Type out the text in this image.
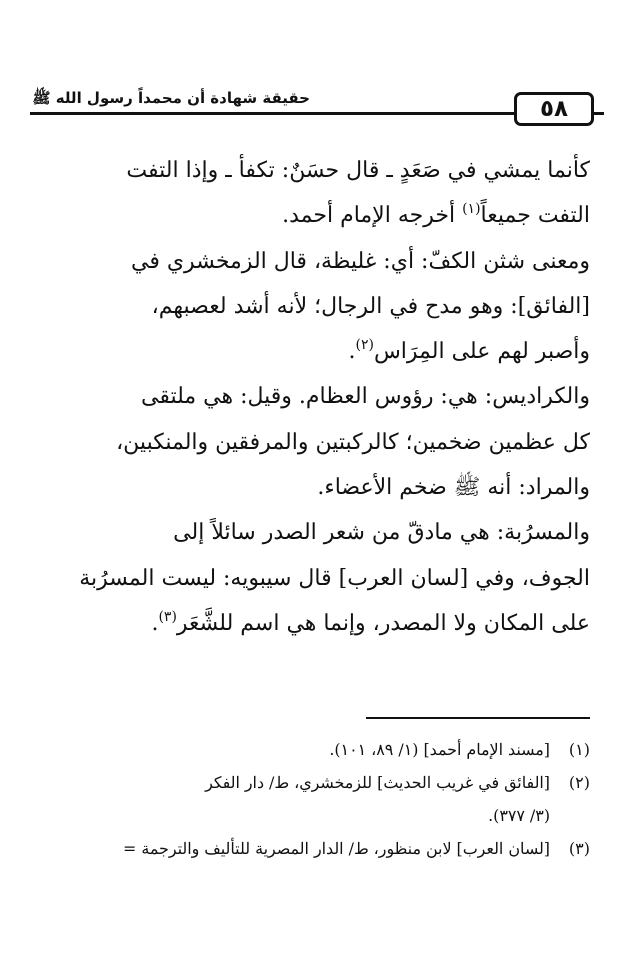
حقيقة شهادة أن محمداً رسول الله ﷺ	٥٨
كأنما يمشي في صَعَدٍ ـ قال حسَنٌ: تكفأ ـ وإذا التفت
التفت جميعاً$^{(١)}$ أخرجه الإمام أحمد.
ومعنى شثن الكفّ: أي: غليظة، قال الزمخشري في
[الفائق]: وهو مدح في الرجال؛ لأنه أشد لعصبهم،
وأصبر لهم على المِرَاس$^{(٢)}$.
والكراديس: هي: رؤوس العظام. وقيل: هي ملتقى
كل عظمين ضخمين؛ كالركبتين والمرفقين والمنكبين،
والمراد: أنه ﷺ ضخم الأعضاء.
والمسرُبة: هي مادقّ من شعر الصدر سائلاً إلى
الجوف، وفي [لسان العرب] قال سيبويه: ليست المسرُبة
على المكان ولا المصدر، وإنما هي اسم للشَّعَر$^{(٣)}$.
(١)
[مسند الإمام أحمد] (١/ ٨٩، ١٠١).
(٢)
[الفائق في غريب الحديث] للزمخشري، ط/ دار الفكر
(٣/ ٣٧٧).
(٣)
[لسان العرب] لابن منظور، ط/ الدار المصرية للتأليف والترجمة =
